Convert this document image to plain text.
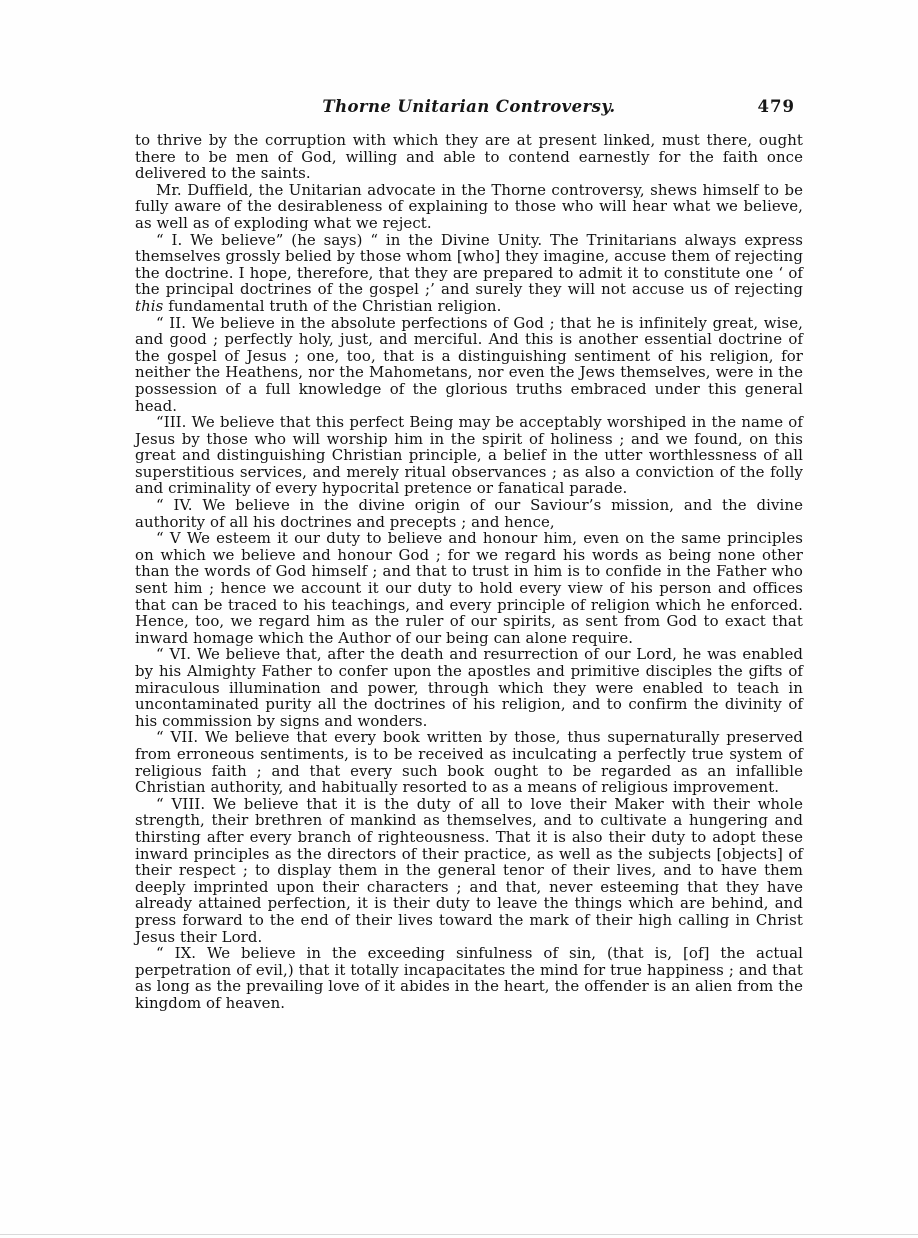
Thorne Unitarian Controversy.	479

to thrive by the corruption with which they are at present linked, must there, ought there to be men of God, willing and able to contend earnestly for the faith once delivered to the saints.

Mr. Duffield, the Unitarian advocate in the Thorne controversy, shews himself to be fully aware of the desirableness of explaining to those who will hear what we believe, as well as of exploding what we reject.

“ I. We believe” (he says) “ in the Divine Unity. The Trinitarians always express themselves grossly belied by those whom [who] they imagine, accuse them of rejecting the doctrine. I hope, therefore, that they are prepared to admit it to constitute one ‘ of the principal doctrines of the gospel ;’ and surely they will not accuse us of rejecting this fundamental truth of the Christian religion.

“ II. We believe in the absolute perfections of God ; that he is infinitely great, wise, and good ; perfectly holy, just, and merciful. And this is another essential doctrine of the gospel of Jesus ; one, too, that is a distinguishing sentiment of his religion, for neither the Heathens, nor the Mahometans, nor even the Jews themselves, were in the possession of a full knowledge of the glorious truths embraced under this general head.

“III. We believe that this perfect Being may be acceptably worshiped in the name of Jesus by those who will worship him in the spirit of holiness ; and we found, on this great and distinguishing Christian principle, a belief in the utter worthlessness of all superstitious services, and merely ritual observances ; as also a conviction of the folly and criminality of every hypocrital pretence or fanatical parade.

“ IV. We believe in the divine origin of our Saviour’s mission, and the divine authority of all his doctrines and precepts ; and hence,

“ V We esteem it our duty to believe and honour him, even on the same principles on which we believe and honour God ; for we regard his words as being none other than the words of God himself ; and that to trust in him is to confide in the Father who sent him ; hence we account it our duty to hold every view of his person and offices that can be traced to his teachings, and every principle of religion which he enforced. Hence, too, we regard him as the ruler of our spirits, as sent from God to exact that inward homage which the Author of our being can alone require.

“ VI. We believe that, after the death and resurrection of our Lord, he was enabled by his Almighty Father to confer upon the apostles and primitive disciples the gifts of miraculous illumination and power, through which they were enabled to teach in uncontaminated purity all the doctrines of his religion, and to confirm the divinity of his commission by signs and wonders.

“ VII. We believe that every book written by those, thus supernaturally preserved from erroneous sentiments, is to be received as inculcating a perfectly true system of religious faith ; and that every such book ought to be regarded as an infallible Christian authority, and habitually resorted to as a means of religious improvement.

“ VIII. We believe that it is the duty of all to love their Maker with their whole strength, their brethren of mankind as themselves, and to cultivate a hungering and thirsting after every branch of righteousness. That it is also their duty to adopt these inward principles as the directors of their practice, as well as the subjects [objects] of their respect ; to display them in the general tenor of their lives, and to have them deeply imprinted upon their characters ; and that, never esteeming that they have already attained perfection, it is their duty to leave the things which are behind, and press forward to the end of their lives toward the mark of their high calling in Christ Jesus their Lord.

“ IX. We believe in the exceeding sinfulness of sin, (that is, [of] the actual perpetration of evil,) that it totally incapacitates the mind for true happiness ; and that as long as the prevailing love of it abides in the heart, the offender is an alien from the kingdom of heaven.
